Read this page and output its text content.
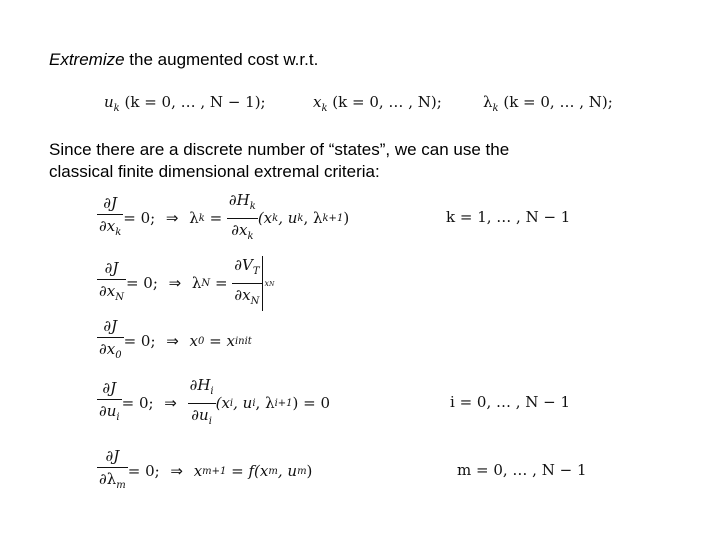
Extremize the augmented cost w.r.t.
$u_k$ (k = 0, … , N − 1);	$x_k$ (k = 0, … , N);	$\lambda_k$ (k = 0, … , N);
Since there are a discrete number of “states”, we can use the
classical finite dimensional extremal criteria:
$\frac{\partial J}{\partial x_k} = 0$; ⇒ λ $k = \frac{\partial H_k}{\partial x_k} (x$ k , u k , λ k+1 )	k = 1, … , N − 1
$\frac{\partial J}{\partial x_N} = 0$; ⇒ λ $N = \frac{\partial V_T}{\partial x_N}$ xN
$\frac{\partial J}{\partial x_0} = 0$; ⇒ x 0 = x init
$\frac{\partial J}{\partial u_i} = 0$; ⇒ $\frac{\partial H_i}{\partial u_i} (x$ i , u i , λ i+1 ) = 0	i = 0, … , N − 1
$\frac{\partial J}{\partial\lambda_m} = 0$; ⇒ x m+1 = f(x m , u m )	m = 0, … , N − 1
